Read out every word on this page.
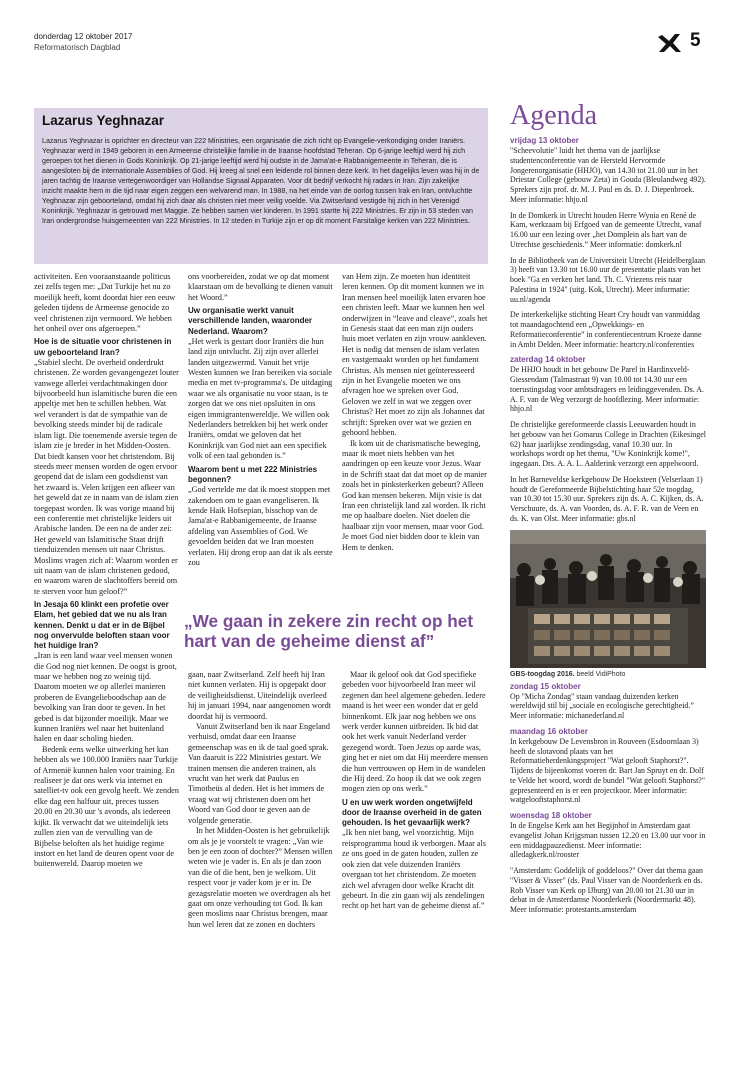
donderdag 12 oktober 2017
Reformatorisch Dagblad	5
Lazarus Yeghnazar

Lazarus Yeghnazar is oprichter en directeur van 222 Ministries, een organisatie die zich richt op Evangelie-verkondiging onder Iraniërs. Yeghnazar werd in 1949 geboren in een Armeense christelijke familie in de Iraanse hoofdstad Teheran. Op 6-jarige leeftijd werd hij zich geroepen tot het dienen in Gods Koninkrijk. Op 21-jarige leeftijd werd hij oudste in de Jama'at-e Rabbanigemeente in Teheran, die is aangesloten bij de internationale Assemblies of God. Hij kreeg al snel een leidende rol binnen deze kerk. In het dagelijks leven was hij in de jaren tachtig de Iraanse vertegenwoordiger van Hollandse Signaal Apparaten. Voor dit bedrijf verkocht hij radars in Iran. Zijn zakelijke inzicht maakte hem in die tijd naar eigen zeggen een welvarend man. In 1988, na het einde van de oorlog tussen Irak en Iran, ontvluchtte Yeghnazar zijn geboorteland, omdat hij zich daar als christen niet meer veilig voelde. Via Zwitserland vestigde hij zich in het Verenigd Koninkrijk. Yeghnazar is getrouwd met Maggie. Ze hebben samen vier kinderen. In 1991 startte hij 222 Ministries. Er zijn in 53 steden van Iran ondergrondse huisgemeenten van 222 Ministries. In 12 steden in Turkije zijn er op dit moment Farsitalige kerken van 222 Ministries.

activiteiten. Een vooraanstaande politicus zei zelfs tegen me: „Dat Turkije het nu zo moeilijk heeft, komt doordat hier een eeuw geleden tijdens de Armeense genocide zo veel christenen zijn vermoord. We hebben het onheil over ons afgeroepen.”

Hoe is de situatie voor christenen in uw geboorteland Iran?

„Stabiel slecht. De overheid onderdrukt christenen. Ze worden gevangengezet louter vanwege allerlei verdachtmakingen door bijvoorbeeld hun islamitische buren die een appeltje met hen te schillen hebben. Wat wel verandert is dat de sympathie van de bevolking steeds minder bij de radicale islam ligt. Die toenemende aversie tegen de islam zie je breder in het Midden-Oosten. Dat biedt kansen voor het christendom. Bij steeds meer mensen worden de ogen ervoor geopend dat de islam een godsdienst van het zwaard is. Velen krijgen een afkeer van het geweld dat ze in naam van de islam zien toegepast worden. Ik was vorige maand bij een conferentie met christelijke leiders uit Arabische landen. De een na de ander zei: Het geweld van Islamitische Staat drijft tienduizenden mensen uit naar Christus. Moslims vragen zich af: Waarom worden er uit naam van de islam christenen gedood, en waarom waren de slachtoffers bereid om te sterven voor hun geloof?”

In Jesaja 60 klinkt een profetie over Elam, het gebied dat we nu als Iran kennen. Denkt u dat er in de Bijbel nog onvervulde beloften staan voor het huidige Iran?

„Iran is een land waar veel mensen wonen die God nog niet kennen. De oogst is groot, maar we hebben nog zo weinig tijd. Daarom moeten we op allerlei manieren proberen de Evangelieboodschap aan de bevolking van Iran door te geven. In het gebed is dat bijzonder moeilijk. Maar we kunnen Iraniërs wel naar het buitenland halen en daar scholing bieden.

Bedenk eens welke uitwerking het kan hebben als we 100.000 Iraniërs naar Turkije of Armenië kunnen halen voor training. En realiseer je dat ons werk via internet en satelliet-tv ook een gevolg heeft. We zenden elke dag een halfuur uit, preces tussen 20.00 en 20.30 uur 's avonds, als iedereen kijkt. Ik verwacht dat we uiteindelijk iets zullen zien van de vervulling van de Bijbelse beloften als het huidige regime instort en het land de deuren opent voor de buitenwereld. Daarop moeten we

ons voorbereiden, zodat we op dat moment klaarstaan om de bevolking te dienen vanuit het Woord.”

Uw organisatie werkt vanuit verschillende landen, waaronder Nederland. Waarom?

„Het werk is gestart door Iraniërs die hun land zijn ontvlucht. Zij zijn over allerlei landen uitgezwermd. Vanuit het vrije Westen kunnen we Iran bereiken via sociale media en met tv-programma's. De uitdaging waar we als organisatie nu voor staan, is te zorgen dat we ons niet opsluiten in ons eigen immigrantenwereldje. We willen ook Nederlanders betrekken bij het werk onder Iraniërs, omdat we geloven dat het Koninkrijk van God niet aan een specifiek volk of een taal gebonden is.”

Waarom bent u met 222 Ministries begonnen?

„God vertelde me dat ik moest stoppen met zakendoen om te gaan evangeliseren. Ik kende Haik Hofsepian, bisschop van de Jama'at-e Rabbanigemeente, de Iraanse afdeling van Assemblies of God. We gevoelden beiden dat we Iran moesten verlaten. Hij drong erop aan dat ik als eerste zou

van Hem zijn. Ze moeten hun identiteit leren kennen. Op dit moment kunnen we in Iran mensen heel moeilijk laten ervaren hoe een christen leeft. Maar we kunnen hen wel onderwijzen in “leave and cleave”, zoals het in Genesis staat dat een man zijn ouders huis moet verlaten en zijn vrouw aankleven. Het is nodig dat mensen de islam verlaten en vastgemaakt worden op het fundament Christus. Als mensen niet geïnteresseerd zijn in het Evangelie moeten we ons afvragen hoe we spreken over God. Geloven we zelf in wat we zeggen over Christus? Het moet zo zijn als Johannes dat schrijft: Spreken over wat we gezien en gehoord hebben.

Ik kom uit de charismatische beweging, maar ik moet niets hebben van het aandringen op een keuze voor Jezus. Waar in de Schrift staat dat dat moet op de manier zoals het in pinksterkerken gebeurt? Alleen God kan mensen bekeren. Mijn visie is dat Iran een christelijk land zal worden. Ik richt me op haalbare doelen. Niet doelen die haalbaar zijn voor mensen, maar voor God. Je moet God niet bidden door te klein van Hem te denken.

„We gaan in zekere zin recht op het hart van de geheime dienst af”

gaan, naar Zwitserland. Zelf heeft hij Iran niet kunnen verlaten. Hij is opgepakt door de veiligheidsdienst. Uiteindelijk overleed hij in januari 1994, naar aangenomen wordt doordat hij is vermoord.

Vanuit Zwitserland ben ik naar Engeland verhuisd, omdat daar een Iraanse gemeenschap was en ik de taal goed sprak. Van daaruit is 222 Ministries gestart. We trainen mensen die anderen trainen, als vrucht van het werk dat Paulus en Timotheüs al deden. Het is het immers de vraag wat wij christenen doen om het Woord van God door te geven aan de volgende generatie.

In het Midden-Oosten is het gebruikelijk om als je je voorstelt te vragen: „Van wie ben je een zoon of dochter?” Mensen willen weten wie je vader is. En als je dan zoon van die of die bent, ben je welkom. Uit respect voor je vader kom je er in. De gezagsrelatie moeten we overdragen als het gaat om onze verhouding tot God. Ik kan geen moslims naar Christus brengen, maar hun wel leren dat ze zonen en dochters

Maar ik geloof ook dat God specifieke gebeden voor bijvoorbeeld Iran meer wil zegenen dan heel algemene gebeden. Iedere maand is het weer een wonder dat er geld binnenkomt. Elk jaar nog hebben we ons werk verder kunnen uitbreiden. Ik bid dat ook het werk vanuit Nederland verder gezegend wordt. Toen Jezus op aarde was, ging het er niet om dat Hij meerdere mensen die hun vertrouwen op Hem in de wandelen die Hij deed. Zo hoop ik dat we ook zegen mogen zien op ons werk.”

U en uw werk worden ongetwijfeld door de Iraanse overheid in de gaten gehouden. Is het gevaarlijk werk?

„Ik ben niet bang, wel voorzichtig. Mijn reisprogramma houd ik verborgen. Maar als ze ons goed in de gaten houden, zullen ze ook zien dat vele duizenden Iraniërs overgaan tot het christendom. Ze moeten zich wel afvragen door welke Kracht dit gebeurt. In die zin gaan wij als zendelingen recht op het hart van de geheime dienst af.”

Agenda
vrijdag 13 oktober

"Scheevolutie" luidt het thema van de jaarlijkse studentenconferentie van de Hersteld Hervormde Jongerenorganisatie (HHJO), van 14.30 tot 21.00 uur in het Driestar College (gebouw Zeta) in Gouda (Bleulandweg 492). Sprekers zijn prof. dr. M. J. Paul en ds. D. J. Diepenbroek. Meer informatie: hhjo.nl

In de Domkerk in Utrecht houden Herre Wynia en René de Kam, werkzaam bij Erfgoed van de gemeente Utrecht, vanaf 16.00 uur een lezing over „het Domplein als hart van de Utrechtse geschiedenis.” Meer informatie: domkerk.nl

In de Bibliotheek van de Universiteit Utrecht (Heidelberglaan 3) heeft van 13.30 tot 16.00 uur de presentatie plaats van het boek "Ga en verken het land. Th. C. Vriezens reis naar Palestina in 1924" (uitg. Kok, Utrecht). Meer informatie: uu.nl/agenda

De interkerkelijke stichting Heart Cry houdt van vanmiddag tot maandagochtend een „Opwekkings- en Reformatieconferentie” in conferentiecentrum Kroeze danne in Ambt Delden. Meer informatie: heartcry.nl/conferenties

zaterdag 14 oktober

De HHJO houdt in het gebouw De Parel in Hardinxveld-Giessendam (Talmastraat 9) van 10.00 tot 14.30 uur een toerustingsdag voor ambtsdragers en leidinggevenden. Ds. A. A. F. van de Weg verzorgt de hoofdlezing. Meer informatie: hhjo.nl

De christelijke gereformeerde classis Leeuwarden houdt in het gebouw van het Gomarus College in Drachten (Eikesingel 62) haar jaarlijkse zendingsdag, vanaf 10.30 uur. In workshops wordt op het thema, "Uw Koninkrijk kome!", ingegaan. Drs. A. A. L. Aalderink verzorgt een appelwoord.

In het Barneveldse kerkgebouw De Hoeksteen (Velserlaan 1) houdt de Gereformeerde Bijbelstichting haar 52e toogdag, van 10.30 tot 15.30 uur. Sprekers zijn ds. A. C. Kijken, ds. A. Verschuure, ds. A. van Voorden, ds. A. F. R. van de Veen en ds. K. van Olst. Meer informatie: gbs.nl

GBS-toogdag 2016. beeld VidiPhoto
zondag 15 oktober

Op "Micha Zondag" staan vandaag duizenden kerken wereldwijd stil bij „sociale en ecologische gerechtigheid.” Meer informatie: michanederland.nl

maandag 16 oktober

In kerkgebouw De Levensbron in Rouveen (Esdoornlaan 3) heeft de slotavond plaats van het Reformatieherdenkingsproject "Wat gelooft Staphorst?". Tijdens de bijeenkomst voeren dr. Bart Jan Spruyt en dr. Dolf te Velde het woord, wordt de bundel "Wat gelooft Staphorst?" gepresenteerd en is er een projectkoor. Meer informatie: watgelooftstaphorst.nl

woensdag 18 oktober

In de Engelse Kerk aan het Begijnhof in Amsterdam gaat evangelist Johan Krijgsman tussen 12.20 en 13.00 uur voor in een middagpauzedienst. Meer informatie: alledagkerk.nl/rooster

"Amsterdam: Goddelijk of goddeloos?" Over dat thema gaan "Visser & Visser" (ds. Paul Visser van de Noorderkerk en ds. Rob Visser van Kerk op IJburg) van 20.00 tot 21.30 uur in debat in de Amsterdamse Noorderkerk (Noordermarkt 48). Meer informatie: protestants.amsterdam
